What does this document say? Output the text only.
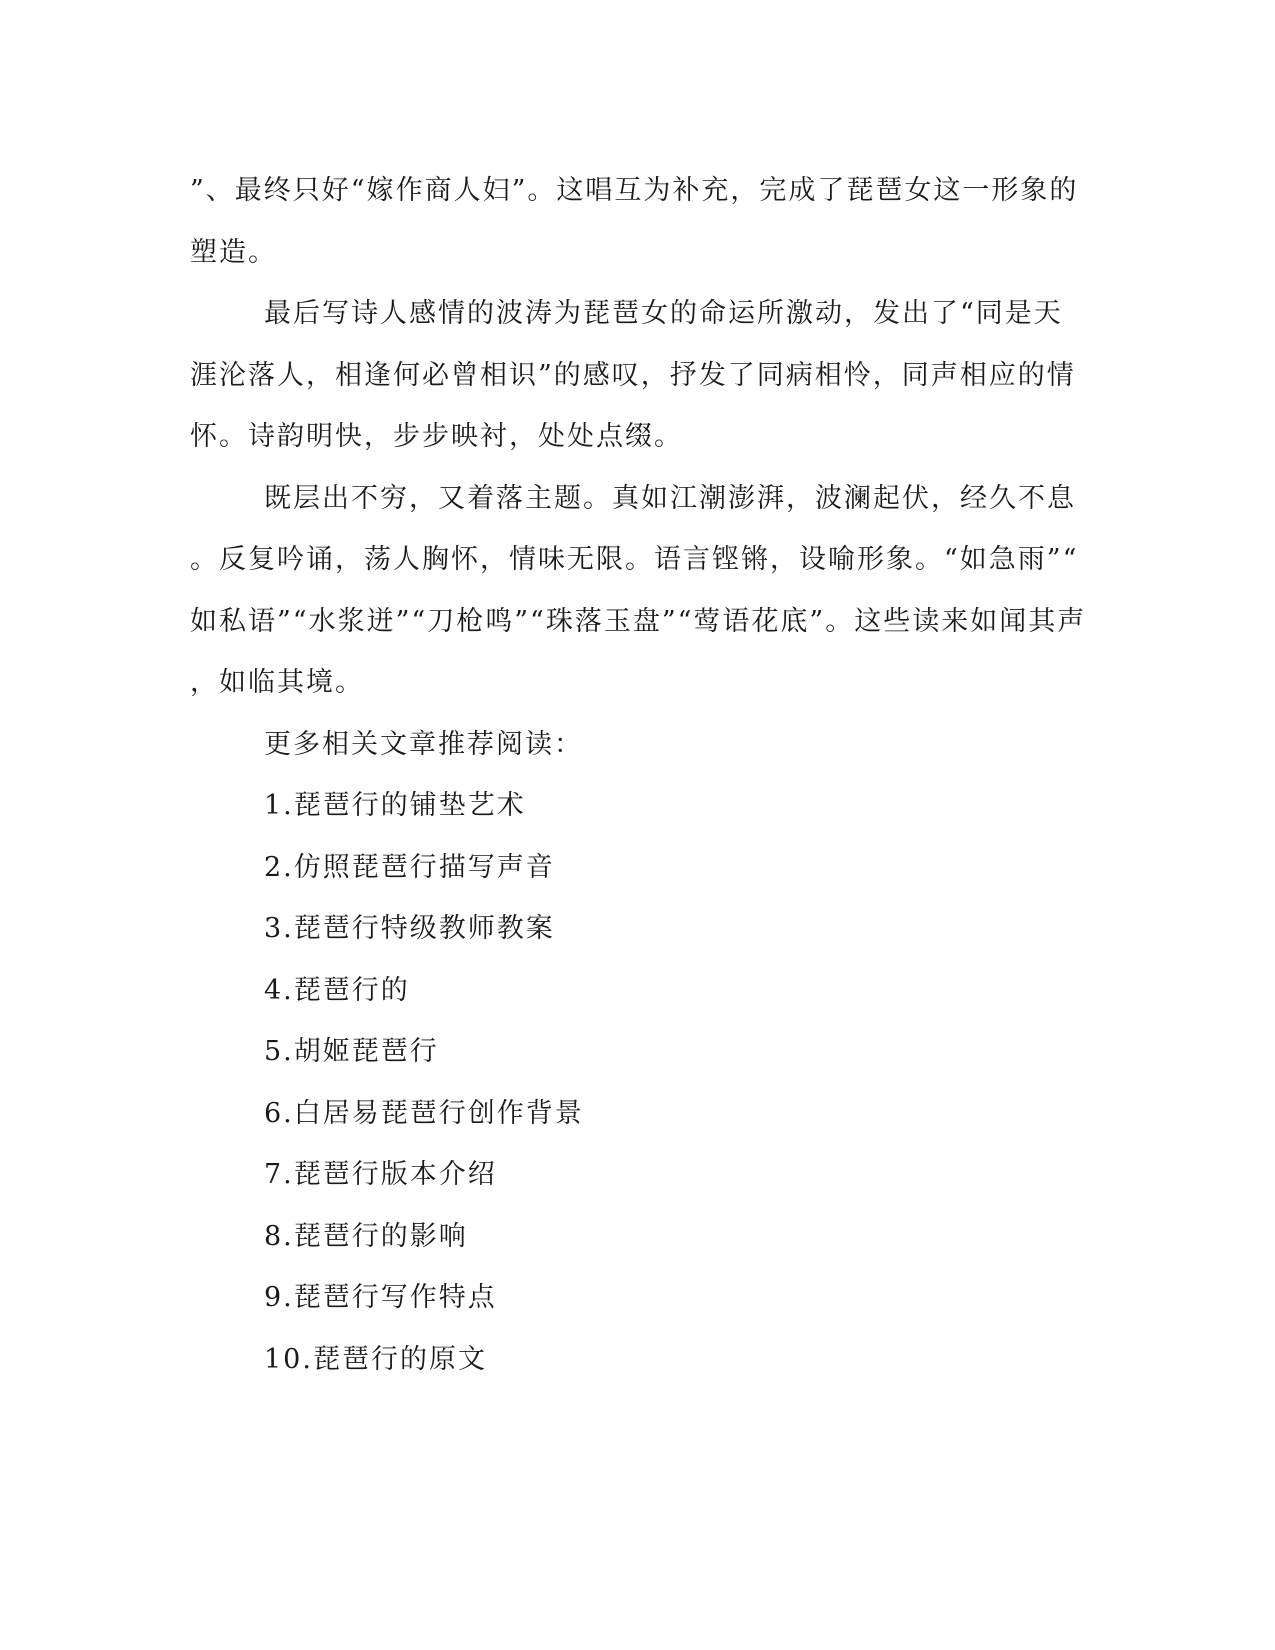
”、最终只好“嫁作商人妇”。这唱互为补充，完成了琵琶女这一形象的
塑造。
最后写诗人感情的波涛为琵琶女的命运所激动，发出了“同是天
涯沦落人，相逢何必曾相识”的感叹，抒发了同病相怜，同声相应的情
怀。诗韵明快，步步映衬，处处点缀。
既层出不穷，又着落主题。真如江潮澎湃，波澜起伏，经久不息
。反复吟诵，荡人胸怀，情味无限。语言铿锵，设喻形象。“如急雨”“
如私语”“水浆迸”“刀枪鸣”“珠落玉盘”“莺语花底”。这些读来如闻其声
，如临其境。
更多相关文章推荐阅读：
1.琵琶行的铺垫艺术
2.仿照琵琶行描写声音
3.琵琶行特级教师教案
4.琵琶行的
5.胡姬琵琶行
6.白居易琵琶行创作背景
7.琵琶行版本介绍
8.琵琶行的影响
9.琵琶行写作特点
10.琵琶行的原文
